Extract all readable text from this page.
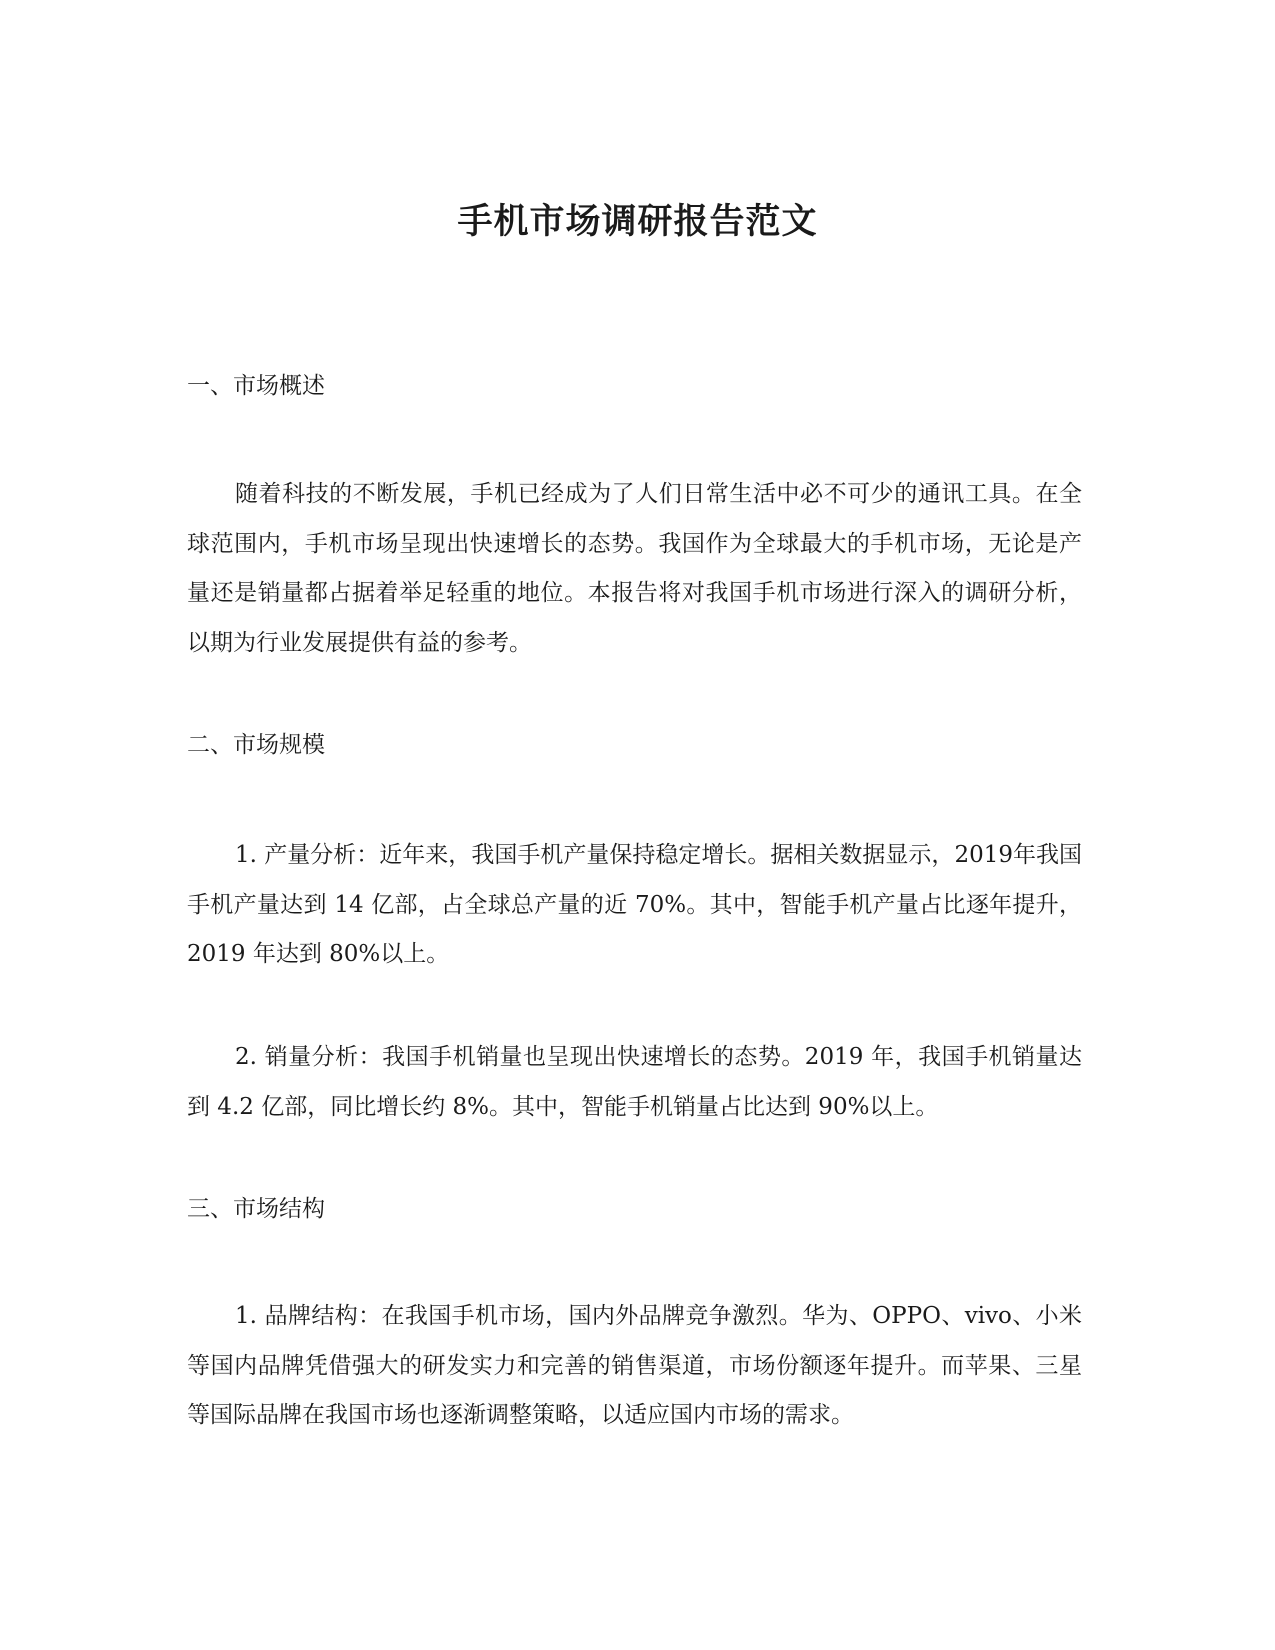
手机市场调研报告范文
一、市场概述

随着科技的不断发展，手机已经成为了人们日常生活中必不可少的通讯工具。在全球范围内，手机市场呈现出快速增长的态势。我国作为全球最大的手机市场，无论是产量还是销量都占据着举足轻重的地位。本报告将对我国手机市场进行深入的调研分析，以期为行业发展提供有益的参考。

二、市场规模

1. 产量分析：近年来，我国手机产量保持稳定增长。据相关数据显示，2019年我国手机产量达到 14 亿部，占全球总产量的近 70%。其中，智能手机产量占比逐年提升，2019 年达到 80%以上。

2. 销量分析：我国手机销量也呈现出快速增长的态势。2019 年，我国手机销量达到 4.2 亿部，同比增长约 8%。其中，智能手机销量占比达到 90%以上。

三、市场结构

1. 品牌结构：在我国手机市场，国内外品牌竞争激烈。华为、OPPO、vivo、小米等国内品牌凭借强大的研发实力和完善的销售渠道，市场份额逐年提升。而苹果、三星等国际品牌在我国市场也逐渐调整策略，以适应国内市场的需求。
